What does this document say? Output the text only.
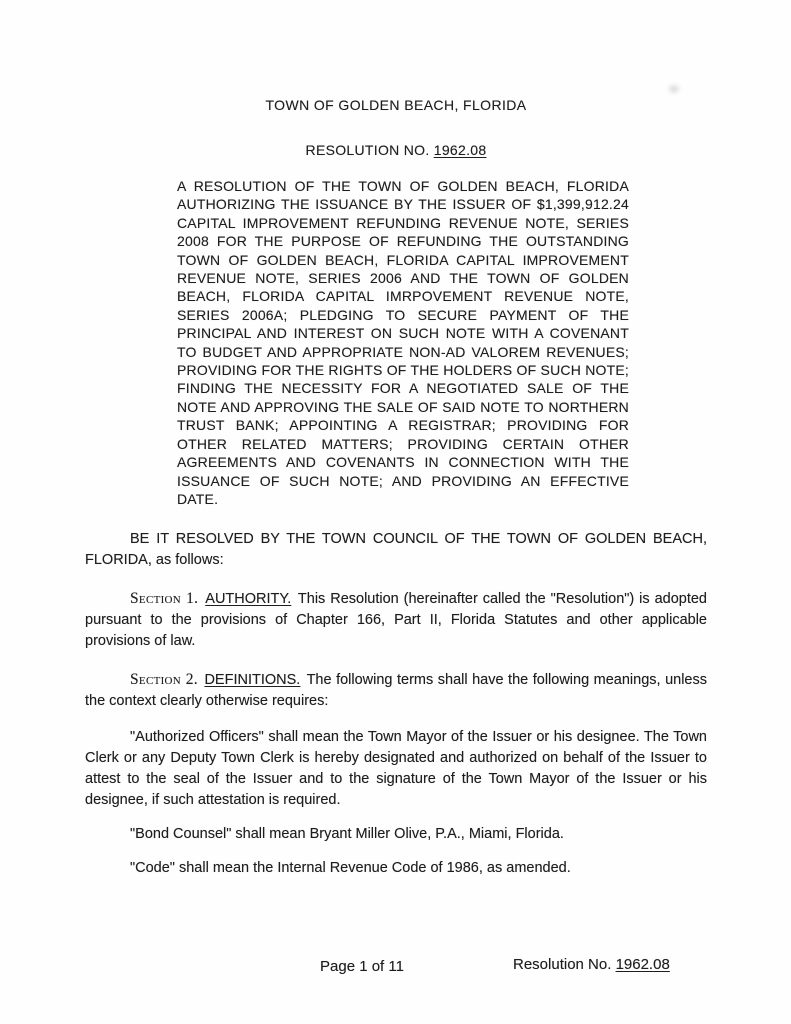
TOWN OF GOLDEN BEACH, FLORIDA
RESOLUTION NO. 1962.08
A RESOLUTION OF THE TOWN OF GOLDEN BEACH, FLORIDA AUTHORIZING THE ISSUANCE BY THE ISSUER OF $1,399,912.24 CAPITAL IMPROVEMENT REFUNDING REVENUE NOTE, SERIES 2008 FOR THE PURPOSE OF REFUNDING THE OUTSTANDING TOWN OF GOLDEN BEACH, FLORIDA CAPITAL IMPROVEMENT REVENUE NOTE, SERIES 2006 AND THE TOWN OF GOLDEN BEACH, FLORIDA CAPITAL IMRPOVEMENT REVENUE NOTE, SERIES 2006A; PLEDGING TO SECURE PAYMENT OF THE PRINCIPAL AND INTEREST ON SUCH NOTE WITH A COVENANT TO BUDGET AND APPROPRIATE NON-AD VALOREM REVENUES; PROVIDING FOR THE RIGHTS OF THE HOLDERS OF SUCH NOTE; FINDING THE NECESSITY FOR A NEGOTIATED SALE OF THE NOTE AND APPROVING THE SALE OF SAID NOTE TO NORTHERN TRUST BANK; APPOINTING A REGISTRAR; PROVIDING FOR OTHER RELATED MATTERS; PROVIDING CERTAIN OTHER AGREEMENTS AND COVENANTS IN CONNECTION WITH THE ISSUANCE OF SUCH NOTE; AND PROVIDING AN EFFECTIVE DATE.

BE IT RESOLVED BY THE TOWN COUNCIL OF THE TOWN OF GOLDEN BEACH, FLORIDA, as follows:

Section 1. AUTHORITY. This Resolution (hereinafter called the "Resolution") is adopted pursuant to the provisions of Chapter 166, Part II, Florida Statutes and other applicable provisions of law.

Section 2. DEFINITIONS. The following terms shall have the following meanings, unless the context clearly otherwise requires:

"Authorized Officers" shall mean the Town Mayor of the Issuer or his designee. The Town Clerk or any Deputy Town Clerk is hereby designated and authorized on behalf of the Issuer to attest to the seal of the Issuer and to the signature of the Town Mayor of the Issuer or his designee, if such attestation is required.

"Bond Counsel" shall mean Bryant Miller Olive, P.A., Miami, Florida.

"Code" shall mean the Internal Revenue Code of 1986, as amended.

Page 1 of 11	Resolution No. 1962.08
